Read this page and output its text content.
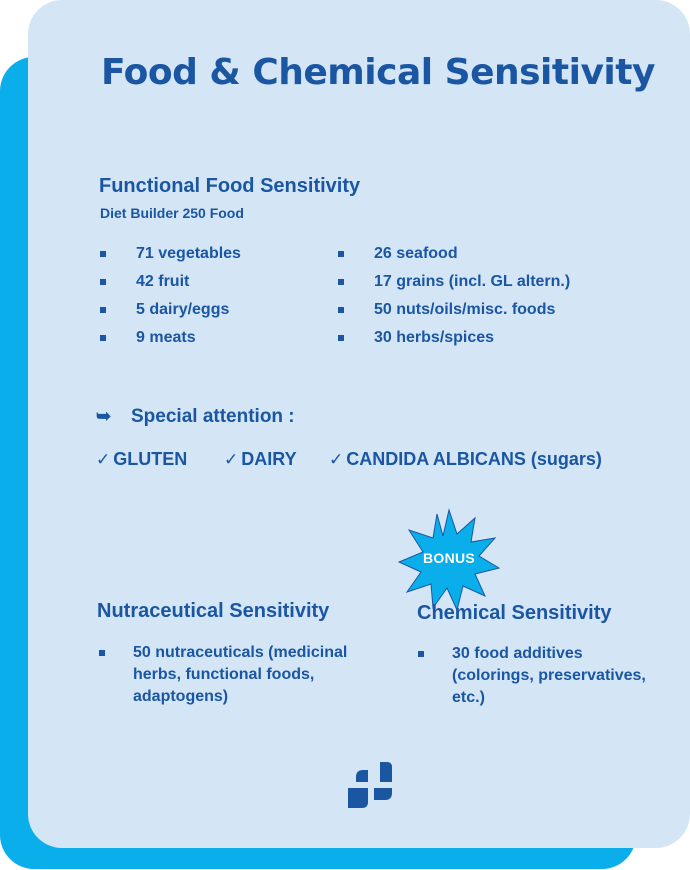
Food & Chemical Sensitivity
Functional Food Sensitivity
Diet Builder 250 Food
71 vegetables
42 fruit
5 dairy/eggs
9 meats
26 seafood
17 grains (incl. GL altern.)
50 nuts/oils/misc. foods
30 herbs/spices
➥ Special attention :
✓ GLUTEN ✓ DAIRY ✓ CANDIDA ALBICANS (sugars)
BONUS
Nutraceutical Sensitivity
50 nutraceuticals (medicinal
herbs, functional foods,
adaptogens)
Chemical Sensitivity
30 food additives
(colorings, preservatives,
etc.)
